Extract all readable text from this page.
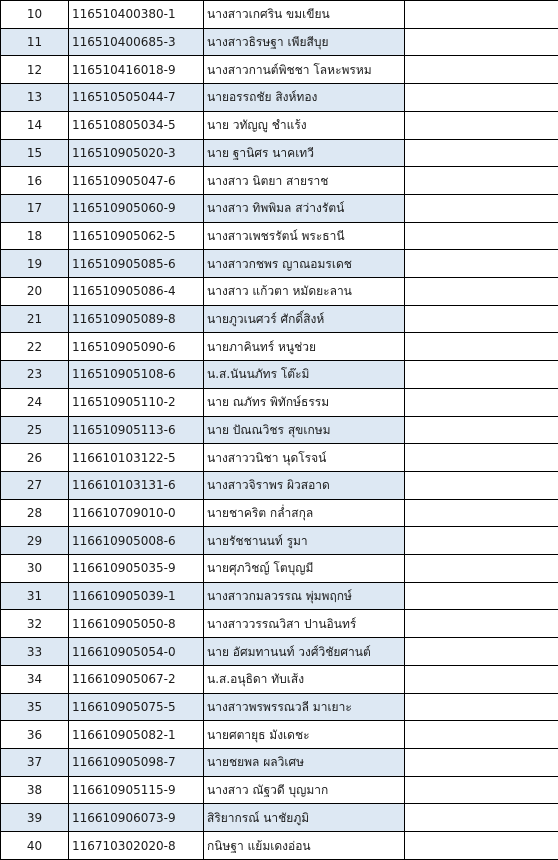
10	116510400380-1	นางสาวเกศริน ขมเขียน	
11	116510400685-3	นางสาวธิรษฐา เพียสีบุย	
12	116510416018-9	นางสาวกานต์พิชชา โลหะพรหม	
13	116510505044-7	นายอรรถชัย สิงห์ทอง	
14	116510805034-5	นาย วทัญญู ชำแร้ง	
15	116510905020-3	นาย ฐานิศร นาคเทวี	
16	116510905047-6	นางสาว นิตยา สายราช	
17	116510905060-9	นางสาว ทิพพิมล สว่างรัตน์	
18	116510905062-5	นางสาวเพชรรัตน์ พระธานี	
19	116510905085-6	นางสาวกชพร ญาณอมรเดช	
20	116510905086-4	นางสาว แก้วตา หมัดยะลาน	
21	116510905089-8	นายภูวเนศวร์ ศักดิ์สิงห์	
22	116510905090-6	นายภาคินทร์ หนูช่วย	
23	116510905108-6	น.ส.นันนภัทร โต๊ะมิ	
24	116510905110-2	นาย ณภัทร พิทักษ์ธรรม	
25	116510905113-6	นาย ปัณณวิชร สุขเกษม	
26	116610103122-5	นางสาววนิชา นุดโรจน์	
27	116610103131-6	นางสาวจิราพร ผิวสอาด	
28	116610709010-0	นายชาคริต กล่ำสกุล	
29	116610905008-6	นายรัชชานนท์ รูมา	
30	116610905035-9	นายศุภวิชญ์ โตบุญมี	
31	116610905039-1	นางสาวกมลวรรณ พุ่มพฤกษ์	
32	116610905050-8	นางสาววรรณวิสา ปานอินทร์	
33	116610905054-0	นาย อัศมทานนท์ วงศ์วิชัยศานต์	
34	116610905067-2	น.ส.อนุธิดา ทับเส้ง	
35	116610905075-5	นางสาวพรพรรณวลี มาเยาะ	
36	116610905082-1	นายศตายุธ มังเดชะ	
37	116610905098-7	นายชยพล ผลวิเศษ	
38	116610905115-9	นางสาว ณัฐวดี บุญมาก	
39	116610906073-9	สิริยากรณ์ นาชัยภูมิ	
40	116710302020-8	กนิษฐา แย้มเดงอ่อน	
